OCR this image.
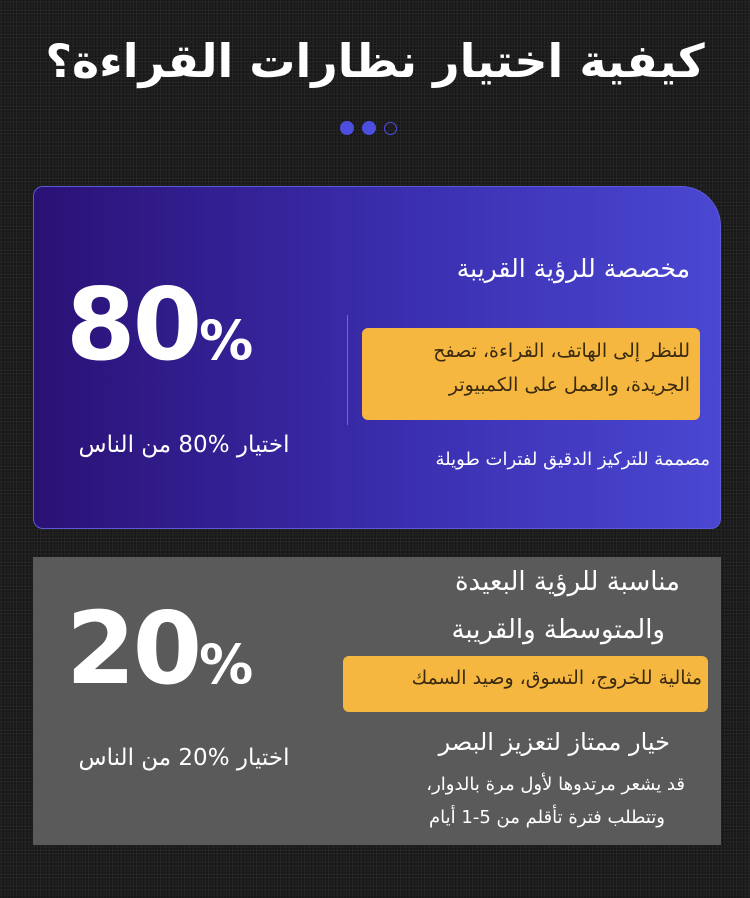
كيفية اختيار نظارات القراءة؟
80%
اختيار %80 من الناس
مخصصة للرؤية القريبة
للنظر إلى الهاتف، القراءة، تصفح
الجريدة، والعمل على الكمبيوتر
مصممة للتركيز الدقيق لفترات طويلة
20%
اختيار %20 من الناس
مناسبة للرؤية البعيدة
والمتوسطة والقريبة
مثالية للخروج، التسوق، وصيد السمك
خيار ممتاز لتعزيز البصر
قد يشعر مرتدوها لأول مرة بالدوار،
وتتطلب فترة تأقلم من 5-1 أيام
